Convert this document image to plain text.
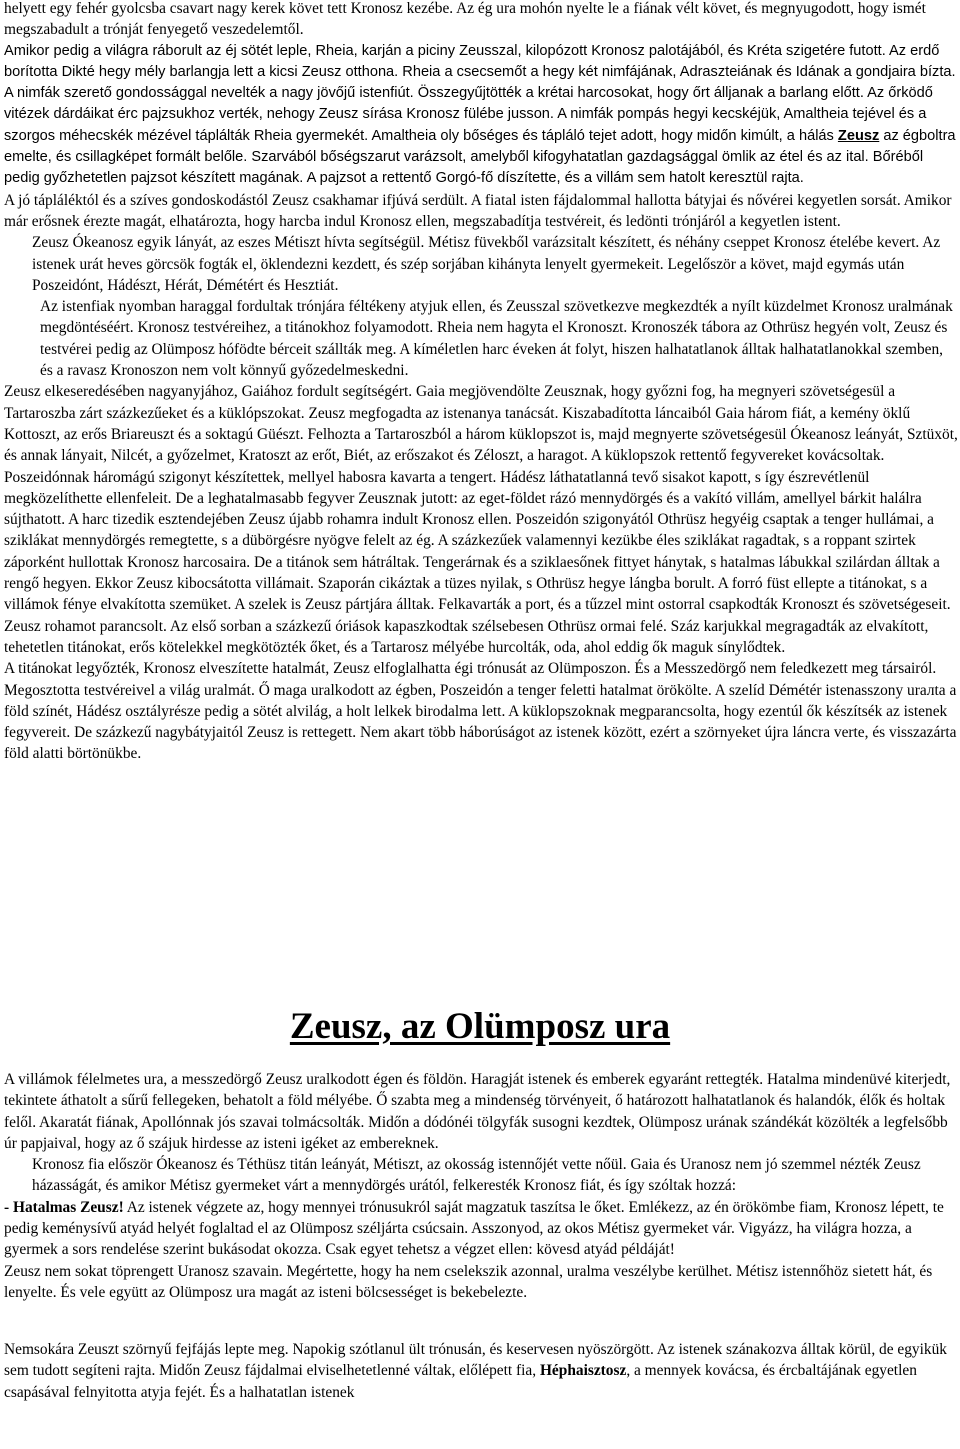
helyett egy fehér gyolcsba csavart nagy kerek követ tett Kronosz kezébe. Az ég ura mohón nyelte le a fiának vélt követ, és megnyugodott, hogy ismét megszabadult a trónját fenyegető veszedelemtől.

Amikor pedig a világra ráborult az éj sötét leple, Rheia, karján a piciny Zeusszal, kilopózott Kronosz palotájából, és Kréta szigetére futott. Az erdő borította Dikté hegy mély barlangja lett a kicsi Zeusz otthona. Rheia a csecsemőt a hegy két nimfájának, Adraszteiának és Idának a gondjaira bízta.

A nimfák szerető gondossággal nevelték a nagy jövőjű istenfiút. Összegyűjtötték a krétai harcosokat, hogy őrt álljanak a barlang előtt. Az őrködő vitézek dárdáikat érc pajzsukhoz verték, nehogy Zeusz sírása Kronosz fülébe jusson. A nimfák pompás hegyi kecskéjük, Amaltheia tejével és a szorgos méhecskék mézével táplálták Rheia gyermekét. Amaltheia oly bőséges és tápláló tejet adott, hogy midőn kimúlt, a hálás Zeusz az égboltra emelte, és csillagképet formált belőle. Szarvából bőségszarut varázsolt, amelyből kifogyhatatlan gazdagsággal ömlik az étel és az ital. Bőréből pedig győzhetetlen pajzsot készített magának. A pajzsot a rettentő Gorgó-fő díszítette, és a villám sem hatolt keresztül rajta.

A jó tápláléktól és a szíves gondoskodástól Zeusz csakhamar ifjúvá serdült. A fiatal isten fájdalommal hallotta bátyjai és nővérei kegyetlen sorsát. Amikor már erősnek érezte magát, elhatározta, hogy harcba indul Kronosz ellen, megszabadítja testvéreit, és ledönti trónjáról a kegyetlen istent.

Zeusz Ókeanosz egyik lányát, az eszes Métiszt hívta segítségül. Métisz füvekből varázsitalt készített, és néhány cseppet Kronosz ételébe kevert. Az istenek urát heves görcsök fogták el, öklendezni kezdett, és szép sorjában kihányta lenyelt gyermekeit. Legelőször a követ, majd egymás után Poszeidónt, Hádészt, Hérát, Démétért és Hesztiát.

Az istenfiak nyomban haraggal fordultak trónjára féltékeny atyjuk ellen, és Zeusszal szövetkezve megkezdték a nyílt küzdelmet Kronosz uralmának megdöntéséért. Kronosz testvéreihez, a titánokhoz folyamodott. Rheia nem hagyta el Kronoszt. Kronoszék tábora az Othrüsz hegyén volt, Zeusz és testvérei pedig az Olümposz hófödte bérceit szállták meg. A kíméletlen harc éveken át folyt, hiszen halhatatlanok álltak halhatatlanokkal szemben, és a ravasz Kronoszon nem volt könnyű győzedelmeskedni.

Zeusz elkeseredésében nagyanyjához, Gaiához fordult segítségért. Gaia megjövendölte Zeusznak, hogy győzni fog, ha megnyeri szövetségesül a Tartaroszba zárt százkezűeket és a küklópszokat. Zeusz megfogadta az istenanya tanácsát. Kiszabadította láncaiból Gaia három fiát, a kemény öklű Kottoszt, az erős Briareuszt és a soktagú Güészt. Felhozta a Tartaroszból a három küklopszot is, majd megnyerte szövetségesül Ókeanosz leányát, Sztüxöt, és annak lányait, Nilcét, a győzelmet, Kratoszt az erőt, Biét, az erőszakot és Zéloszt, a haragot. A küklopszok rettentő fegyvereket kovácsoltak. Poszeidónnak háromágú szigonyt készítettek, mellyel habosra kavarta a tengert. Hádész láthatatlanná tevő sisakot kapott, s így észrevétlenül megközelíthette ellenfeleit. De a leghatalmasabb fegyver Zeusznak jutott: az eget-földet rázó mennydörgés és a vakító villám, amellyel bárkit halálra sújthatott. A harc tizedik esztendejében Zeusz újabb rohamra indult Kronosz ellen. Poszeidón szigonyától Othrüsz hegyéig csaptak a tenger hullámai, a sziklákat mennydörgés remegtette, s a dübörgésre nyögve felelt az ég. A százkezűek valamennyi kezükbe éles sziklákat ragadtak, s a roppant szirtek záporként hullottak Kronosz harcosaira. De a titánok sem hátráltak. Tengerárnak és a sziklaesőnek fittyet hánytak, s hatalmas lábukkal szilárdan álltak a rengő hegyen. Ekkor Zeusz kibocsátotta villámait. Szaporán cikáztak a tüzes nyilak, s Othrüsz hegye lángba borult. A forró füst ellepte a titánokat, s a villámok fénye elvakította szemüket. A szelek is Zeusz pártjára álltak. Felkavarták a port, és a tűzzel mint ostorral csapkodták Kronoszt és szövetségeseit. Zeusz rohamot parancsolt. Az első sorban a százkezű óriások kapaszkodtak szélsebesen Othrüsz ormai felé. Száz karjukkal megragadták az elvakított, tehetetlen titánokat, erős kötelekkel megkötözték őket, és a Tartarosz mélyébe hurcolták, oda, ahol eddig ők maguk sínylődtek.

A titánokat legyőzték, Kronosz elveszítette hatalmát, Zeusz elfoglalhatta égi trónusát az Olümposzon. És a Messzedörgő nem feledkezett meg társairól. Megosztotta testvéreivel a világ uralmát. Ő maga uralkodott az égben, Poszeidón a tenger feletti hatalmat örökölte. A szelíd Démétér istenasszony urалta a föld színét, Hádész osztályrésze pedig a sötét alvilág, a holt lelkek birodalma lett. A küklopszoknak megparancsolta, hogy ezentúl ők készítsék az istenek fegyvereit. De százkezű nagybátyjaitól Zeusz is rettegett. Nem akart több háborúságot az istenek között, ezért a szörnyeket újra láncra verte, és visszazárta föld alatti börtönükbe.

Zeusz, az Olümposz ura

A villámok félelmetes ura, a messzedörgő Zeusz uralkodott égen és földön. Haragját istenek és emberek egyaránt rettegték. Hatalma mindenüvé kiterjedt, tekintete áthatolt a sűrű fellegeken, behatolt a föld mélyébe. Ő szabta meg a mindenség törvényeit, ő határozott halhatatlanok és halandók, élők és holtak felől. Akaratát fiának, Apollónnak jós szavai tolmácsolták. Midőn a dódónéi tölgyfák susogni kezdtek, Olümposz urának szándékát közölték a legfelsőbb úr papjaival, hogy az ő szájuk hirdesse az isteni igéket az embereknek.

Kronosz fia először Ókeanosz és Téthüsz titán leányát, Métiszt, az okosság istennőjét vette nőül. Gaia és Uranosz nem jó szemmel nézték Zeusz házasságát, és amikor Métisz gyermeket várt a mennydörgés urától, felkeresték Kronosz fiát, és így szóltak hozzá:

- Hatalmas Zeusz! Az istenek végzete az, hogy mennyei trónusukról saját magzatuk taszítsa le őket. Emlékezz, az én örökömbe fiam, Kronosz lépett, te pedig keménysívű atyád helyét foglaltad el az Olümposz széljárta csúcsain. Asszonyod, az okos Métisz gyermeket vár. Vigyázz, ha világra hozza, a gyermek a sors rendelése szerint bukásodat okozza. Csak egyet tehetsz a végzet ellen: kövesd atyád példáját!

Zeusz nem sokat töprengett Uranosz szavain. Megértette, hogy ha nem cselekszik azonnal, uralma veszélybe kerülhet. Métisz istennőhöz sietett hát, és lenyelte. És vele együtt az Olümposz ura magát az isteni bölcsességet is bekebelezte.

Nemsokára Zeuszt szörnyű fejfájás lepte meg. Napokig szótlanul ült trónusán, és keservesen nyöszörgött. Az istenek szánakozva álltak körül, de egyikük sem tudott segíteni rajta. Midőn Zeusz fájdalmai elviselhetetlenné váltak, előlépett fia, Héphaisztosz, a mennyek kovácsa, és ércbaltájának egyetlen csapásával felnyitotta atyja fejét. És a halhatatlan istenek
